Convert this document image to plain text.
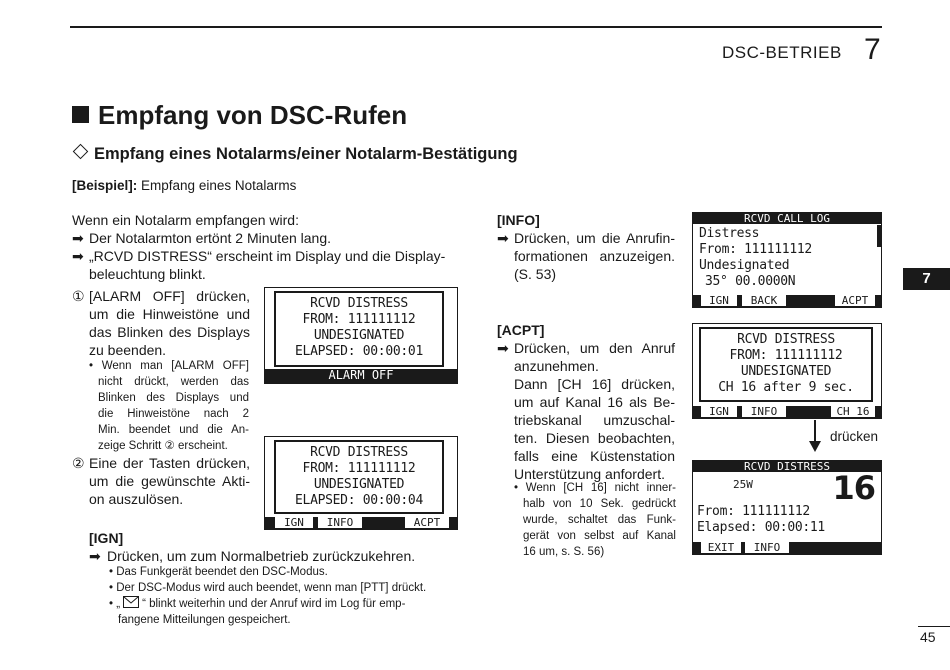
DSC-BETRIEB 7
Empfang von DSC-Rufen
Empfang eines Notalarms/einer Notalarm-Bestätigung
[Beispiel]: Empfang eines Notalarms
Wenn ein Notalarm empfangen wird:
➡ Der Notalarmton ertönt 2 Minuten lang.
➡ „RCVD DISTRESS“ erscheint im Display und die Display-
beleuchtung blinkt.
① [ALARM OFF] drücken,
um die Hinweistöne und
das Blinken des Displays
zu beenden.
• Wenn man [ALARM OFF]
nicht drückt, werden das
Blinken des Displays und
die Hinweistöne nach 2
Min. beendet und die An-
zeige Schritt ② erscheint.
② Eine der Tasten drücken,
um die gewünschte Akti-
on auszulösen.
[IGN]
➡ Drücken, um zum Normalbetrieb zurückzukehren.
• Das Funkgerät beendet den DSC-Modus.
• Der DSC-Modus wird auch beendet, wenn man [PTT] drückt.
• „ “ blinkt weiterhin und der Anruf wird im Log für emp-
fangene Mitteilungen gespeichert.
RCVD DISTRESS
FROM: 111111112
UNDESIGNATED
ELAPSED: 00:00:01
ALARM OFF
RCVD DISTRESS
FROM: 111111112
UNDESIGNATED
ELAPSED: 00:00:04
IGN	INFO	ACPT
[INFO]
➡ Drücken, um die Anrufin-
formationen anzuzeigen.
(S. 53)
[ACPT]
➡ Drücken, um den Anruf
anzunehmen.
Dann [CH 16] drücken,
um auf Kanal 16 als Be-
triebskanal umzuschal-
ten. Diesen beobachten,
falls eine Küstenstation
Unterstützung anfordert.
• Wenn [CH 16] nicht inner-
halb von 10 Sek. gedrückt
wurde, schaltet das Funk-
gerät von selbst auf Kanal
16 um, s. S. 56)
RCVD CALL LOG
Distress
From: 111111112
Undesignated
35° 00.0000N
IGN	BACK	ACPT
RCVD DISTRESS
FROM: 111111112
UNDESIGNATED
CH 16 after 9 sec.
IGN	INFO	CH 16
drücken
RCVD DISTRESS
25W 16
From: 111111112
Elapsed: 00:00:11
EXIT	INFO
7
45
